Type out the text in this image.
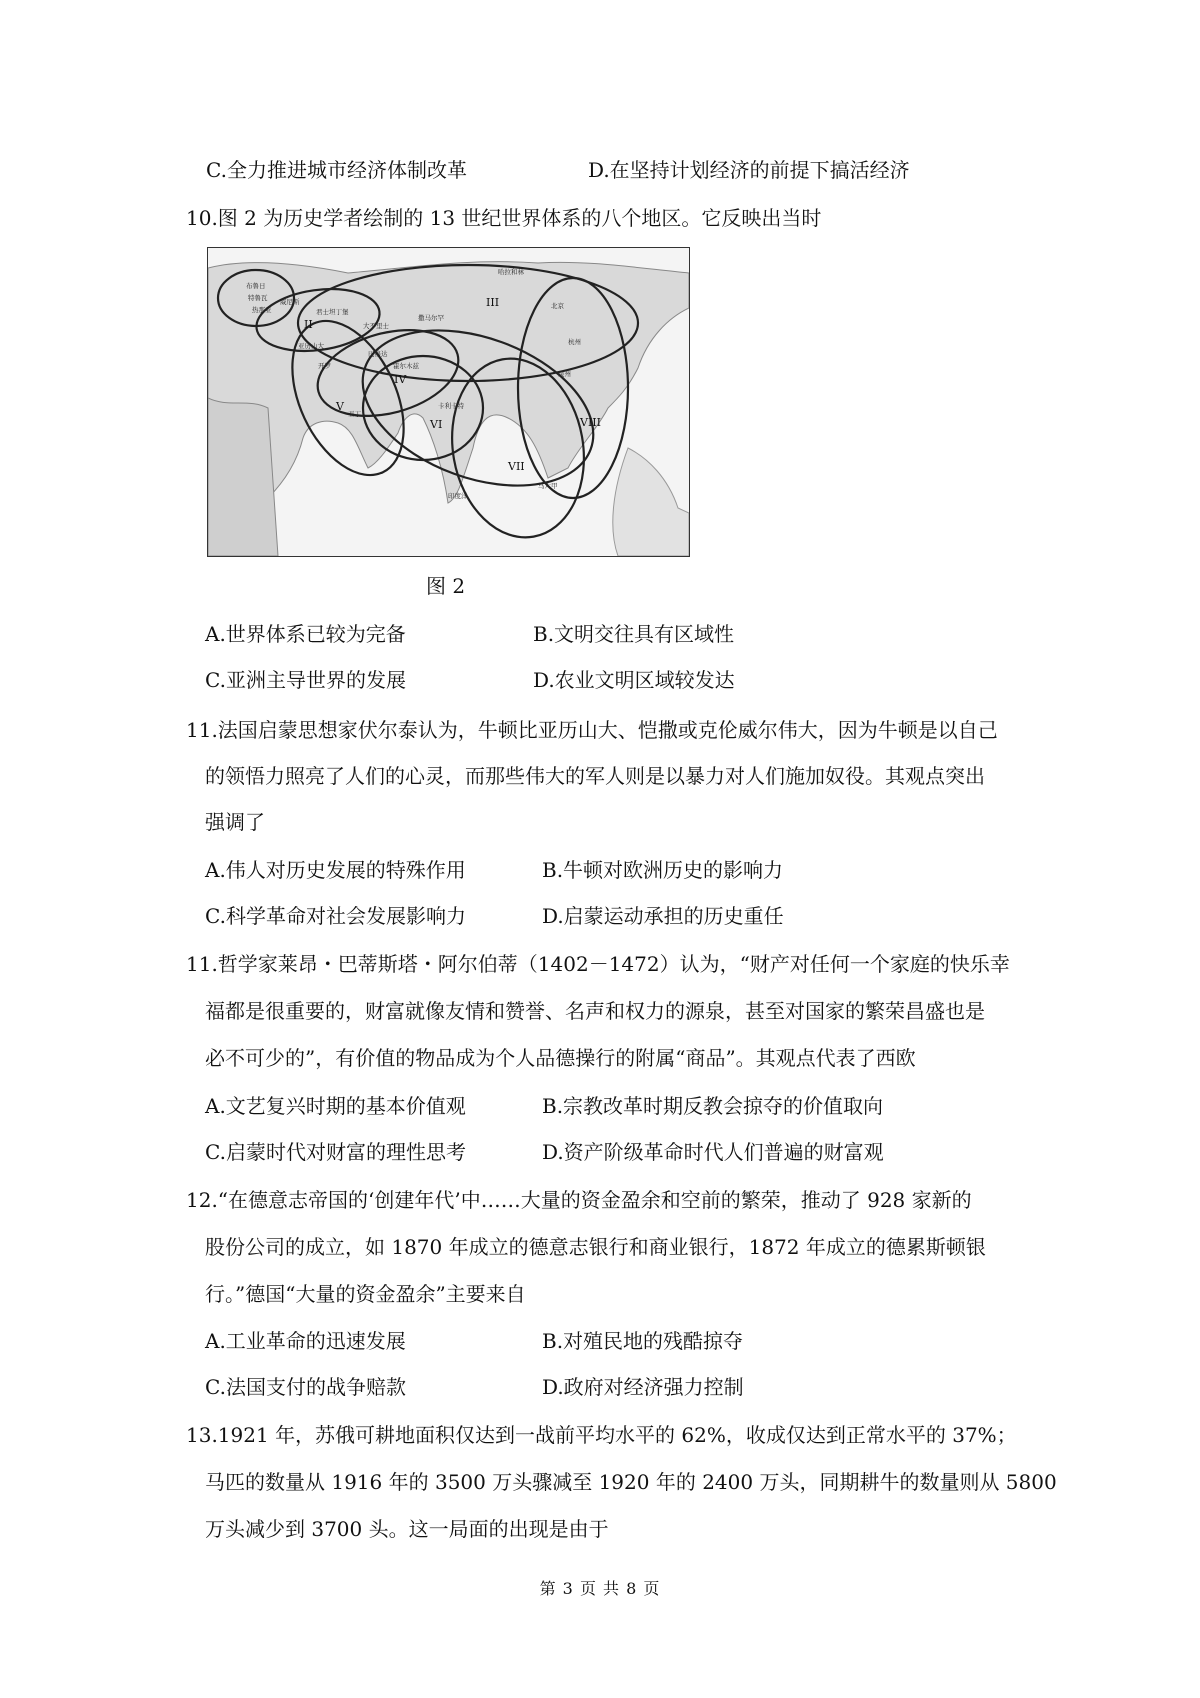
C.全力推进城市经济体制改革	D.在坚持计划经济的前提下搞活经济
10.图 2 为历史学者绘制的 13 世纪世界体系的八个地区。它反映出当时
II
III
IV
V
VI
VII
VIII
布鲁日
特鲁瓦
热那亚
威尼斯
君士坦丁堡
哈拉和林
撒马尔罕
大不里士
巴格达
亚历山大
开罗	霍尔木兹
亚丁
卡利卡特
马六甲
北京
杭州
泉州
印度洋
图 2
A.世界体系已较为完备	B.文明交往具有区域性
C.亚洲主导世界的发展	D.农业文明区域较发达
11.法国启蒙思想家伏尔泰认为，牛顿比亚历山大、恺撒或克伦威尔伟大，因为牛顿是以自己
的领悟力照亮了人们的心灵，而那些伟大的军人则是以暴力对人们施加奴役。其观点突出
强调了
A.伟人对历史发展的特殊作用	B.牛顿对欧洲历史的影响力
C.科学革命对社会发展影响力	D.启蒙运动承担的历史重任
11.哲学家莱昂・巴蒂斯塔・阿尔伯蒂（1402－1472）认为，“财产对任何一个家庭的快乐幸
福都是很重要的，财富就像友情和赞誉、名声和权力的源泉，甚至对国家的繁荣昌盛也是
必不可少的”，有价值的物品成为个人品德操行的附属“商品”。其观点代表了西欧
A.文艺复兴时期的基本价值观	B.宗教改革时期反教会掠夺的价值取向
C.启蒙时代对财富的理性思考	D.资产阶级革命时代人们普遍的财富观
12.“在德意志帝国的‘创建年代’中……大量的资金盈余和空前的繁荣，推动了 928 家新的
股份公司的成立，如 1870 年成立的德意志银行和商业银行，1872 年成立的德累斯顿银
行。”德国“大量的资金盈余”主要来自
A.工业革命的迅速发展	B.对殖民地的残酷掠夺
C.法国支付的战争赔款	D.政府对经济强力控制
13.1921 年，苏俄可耕地面积仅达到一战前平均水平的 62%，收成仅达到正常水平的 37%；
马匹的数量从 1916 年的 3500 万头骤减至 1920 年的 2400 万头，同期耕牛的数量则从 5800
万头减少到 3700 头。这一局面的出现是由于
第 3 页 共 8 页
